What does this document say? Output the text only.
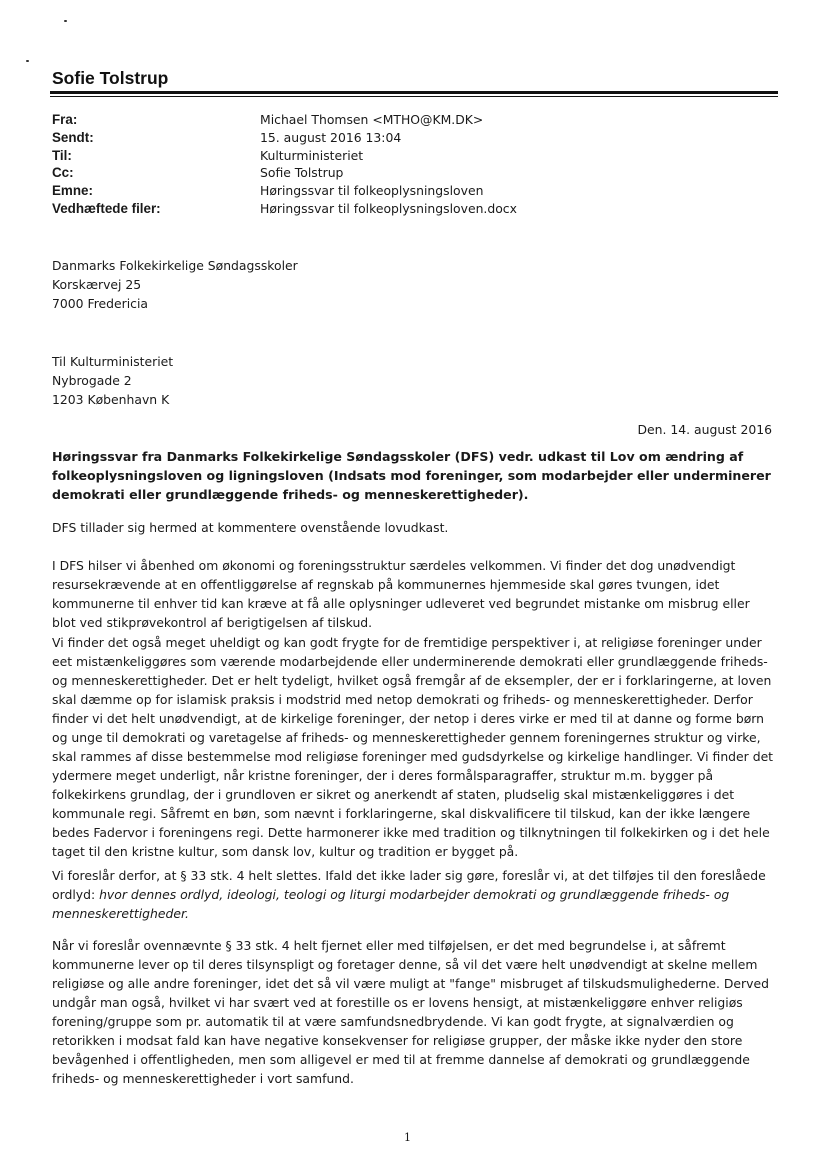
Sofie Tolstrup
Fra:	Michael Thomsen <MTHO@KM.DK>
Sendt:	15. august 2016 13:04
Til:	Kulturministeriet
Cc:	Sofie Tolstrup
Emne:	Høringssvar til folkeoplysningsloven
Vedhæftede filer:	Høringssvar til folkeoplysningsloven.docx
Danmarks Folkekirkelige Søndagsskoler
Korskærvej 25
7000 Fredericia
Til Kulturministeriet
Nybrogade 2
1203 København K
Den. 14. august 2016
Høringssvar fra Danmarks Folkekirkelige Søndagsskoler (DFS) vedr. udkast til Lov om ændring af folkeoplysningsloven og ligningsloven (Indsats mod foreninger, som modarbejder eller underminerer demokrati eller grundlæggende friheds- og menneskerettigheder).

DFS tillader sig hermed at kommentere ovenstående lovudkast.

I DFS hilser vi åbenhed om økonomi og foreningsstruktur særdeles velkommen. Vi finder det dog unødvendigt resursekrævende at en offentliggørelse af regnskab på kommunernes hjemmeside skal gøres tvungen, idet kommunerne til enhver tid kan kræve at få alle oplysninger udleveret ved begrundet mistanke om misbrug eller blot ved stikprøvekontrol af berigtigelsen af tilskud.

Vi finder det også meget uheldigt og kan godt frygte for de fremtidige perspektiver i, at religiøse foreninger under eet mistænkeliggøres som værende modarbejdende eller underminerende demokrati eller grundlæggende friheds- og menneskerettigheder. Det er helt tydeligt, hvilket også fremgår af de eksempler, der er i forklaringerne, at loven skal dæmme op for islamisk praksis i modstrid med netop demokrati og friheds- og menneskerettigheder. Derfor finder vi det helt unødvendigt, at de kirkelige foreninger, der netop i deres virke er med til at danne og forme børn og unge til demokrati og varetagelse af friheds- og menneskerettigheder gennem foreningernes struktur og virke, skal rammes af disse bestemmelse mod religiøse foreninger med gudsdyrkelse og kirkelige handlinger. Vi finder det ydermere meget underligt, når kristne foreninger, der i deres formålsparagraffer, struktur m.m. bygger på folkekirkens grundlag, der i grundloven er sikret og anerkendt af staten, pludselig skal mistænkeliggøres i det kommunale regi. Såfremt en bøn, som nævnt i forklaringerne, skal diskvalificere til tilskud, kan der ikke længere bedes Fadervor i foreningens regi. Dette harmonerer ikke med tradition og tilknytningen til folkekirken og i det hele taget til den kristne kultur, som dansk lov, kultur og tradition er bygget på.

Vi foreslår derfor, at § 33 stk. 4 helt slettes. Ifald det ikke lader sig gøre, foreslår vi, at det tilføjes til den foreslåede ordlyd: hvor dennes ordlyd, ideologi, teologi og liturgi modarbejder demokrati og grundlæggende friheds- og menneskerettigheder.

Når vi foreslår ovennævnte § 33 stk. 4 helt fjernet eller med tilføjelsen, er det med begrundelse i, at såfremt kommunerne lever op til deres tilsynspligt og foretager denne, så vil det være helt unødvendigt at skelne mellem religiøse og alle andre foreninger, idet det så vil være muligt at "fange" misbruget af tilskudsmulighederne. Derved undgår man også, hvilket vi har svært ved at forestille os er lovens hensigt, at mistænkeliggøre enhver religiøs forening/gruppe som pr. automatik til at være samfundsnedbrydende. Vi kan godt frygte, at signalværdien og retorikken i modsat fald kan have negative konsekvenser for religiøse grupper, der måske ikke nyder den store bevågenhed i offentligheden, men som alligevel er med til at fremme dannelse af demokrati og grundlæggende friheds- og menneskerettigheder i vort samfund.

1
